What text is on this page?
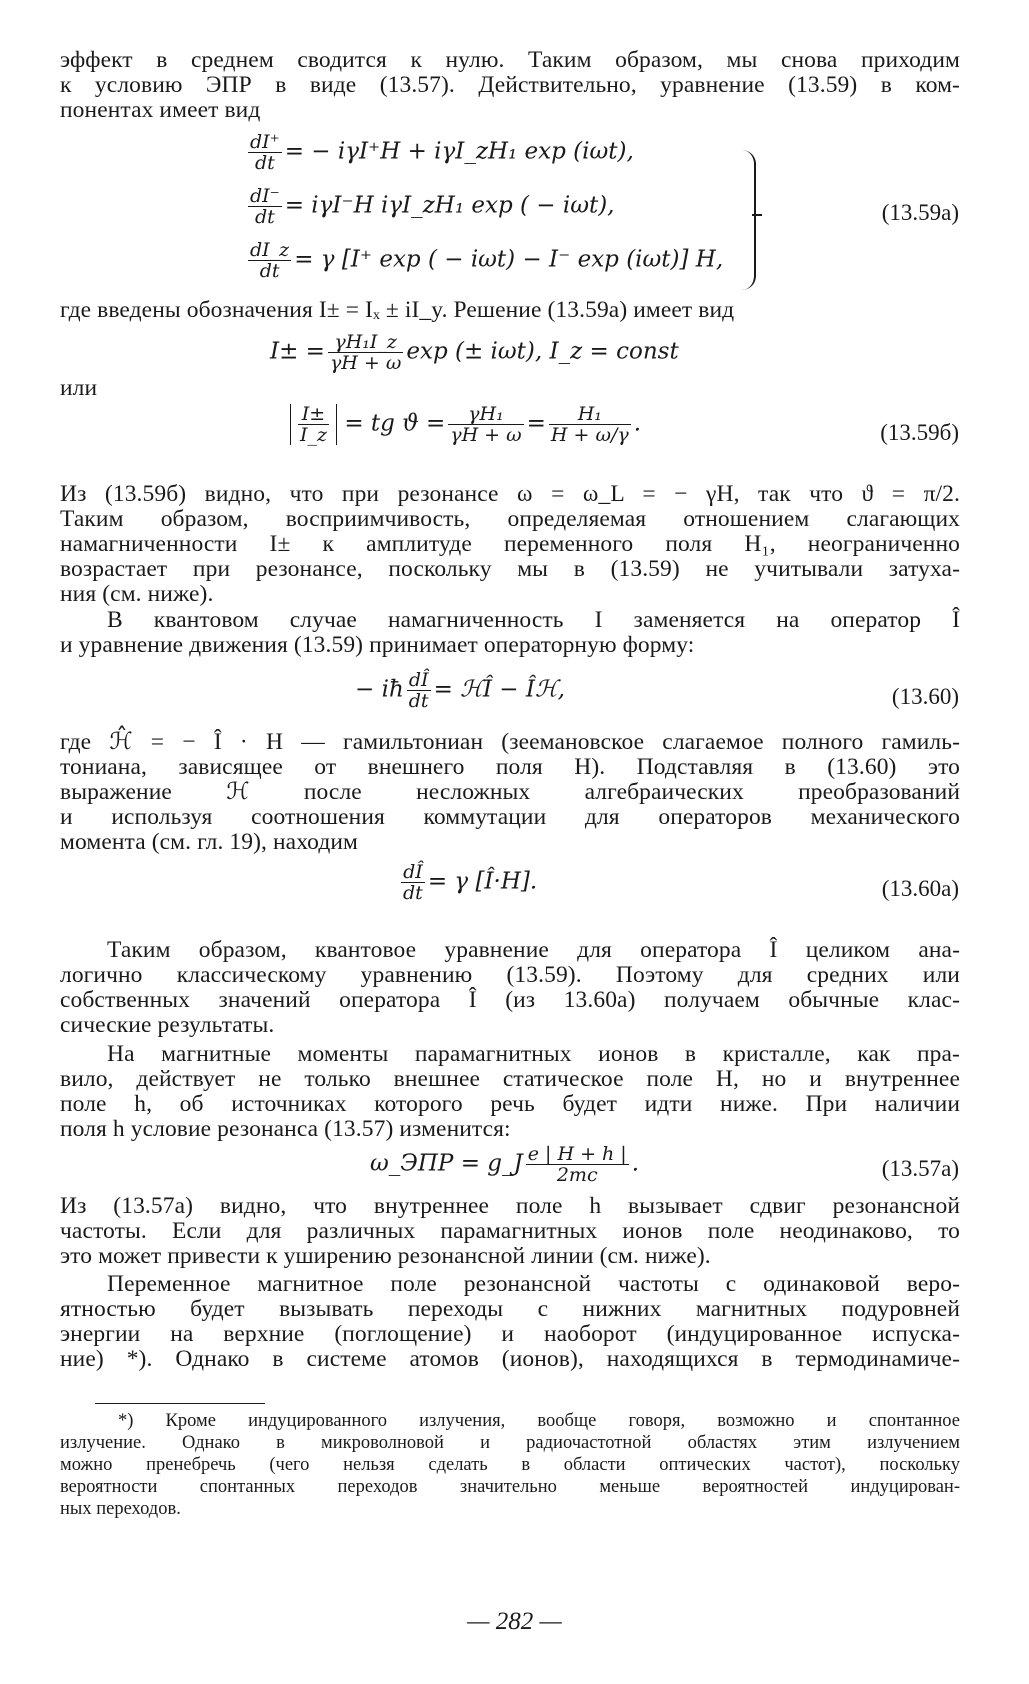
эффект в среднем сводится к нулю. Таким образом, мы снова приходим
к условию ЭПР в виде (13.57). Действительно, уравнение (13.59) в ком-
понентах имеет вид
$\frac{dI^+}{dt}$ = − iγI⁺H + iγI_zH₁ exp (iωt),
$\frac{dI^-}{dt} = i\gamma I^-H$ iγI_zH₁ exp ( − iωt),
$\frac{dI\_z}{dt} = \gamma$ [I⁺ exp ( − iωt) − I⁻ exp (iωt)] H,
(13.59a)
где введены обозначения I± = Iₓ ± iI_y. Решение (13.59a) имеет вид
$I\pm = \frac{\text{γH₁I\_z}}{\gamma H + \omega}$ exp (± iωt), I_z = const
или
$\frac{I\pm}{I\_z}$ = tg $ϑ = \frac{\text{γH₁}}{\gamma H + \omega} = \frac{\text{H₁}}{H + \omega/\gamma}$ .	(13.59б)
Из (13.59б) видно, что при резонансе ω = ω_L = − γH, так что ϑ = π/2.
Таким образом, восприимчивость, определяемая отношением слагающих
намагниченности I± к амплитуде переменного поля H₁, неограниченно
возрастает при резонансе, поскольку мы в (13.59) не учитывали затуха-
ния (см. ниже).
В квантовом случае намагниченность I заменяется на оператор Î
и уравнение движения (13.59) принимает операторную форму:
− iħ $\frac{dÎ}{dt}$ = ℋÎ − Îℋ,	(13.60)
где ℋ̂ = − Î · H — гамильтониан (зеемановское слагаемое полного гамиль-
тониана, зависящее от внешнего поля H). Подставляя в (13.60) это
выражение ℋ после несложных алгебраических преобразований
и используя соотношения коммутации для операторов механического
момента (см. гл. 19), находим
$\frac{dÎ}{dt} = \gamma$ [Î·H].	(13.60a)
Таким образом, квантовое уравнение для оператора Î целиком ана-
логично классическому уравнению (13.59). Поэтому для средних или
собственных значений оператора Î (из 13.60a) получаем обычные клас-
сические результаты.
На магнитные моменты парамагнитных ионов в кристалле, как пра-
вило, действует не только внешнее статическое поле H, но и внутреннее
поле h, об источниках которого речь будет идти ниже. При наличии
поля h условие резонанса (13.57) изменится:
ω_ЭПР = g_J $\frac{e | H + h |}{2mc}$ .	(13.57a)
Из (13.57a) видно, что внутреннее поле h вызывает сдвиг резонансной
частоты. Если для различных парамагнитных ионов поле неодинаково, то
это может привести к уширению резонансной линии (см. ниже).
Переменное магнитное поле резонансной частоты с одинаковой веро-
ятностью будет вызывать переходы с нижних магнитных подуровней
энергии на верхние (поглощение) и наоборот (индуцированное испуска-
ние) *). Однако в системе атомов (ионов), находящихся в термодинамиче-
*) Кроме индуцированного излучения, вообще говоря, возможно и спонтанное
излучение. Однако в микроволновой и радиочастотной областях этим излучением
можно пренебречь (чего нельзя сделать в области оптических частот), поскольку
вероятности спонтанных переходов значительно меньше вероятностей индуцирован-
ных переходов.
— 282 —
